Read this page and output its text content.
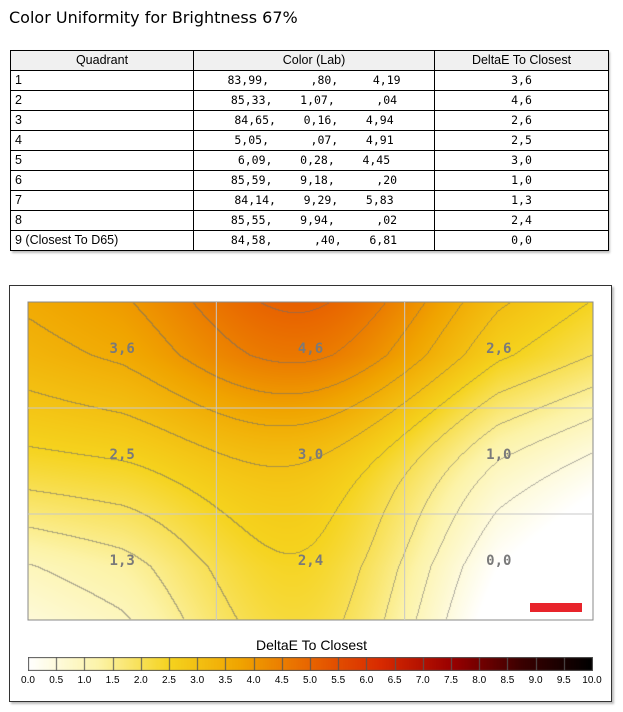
Color Uniformity for Brightness 67%
Quadrant	Color (Lab)	DeltaE To Closest
1	83,99,      ,80,     4,19	3,6
2	85,33,    1,07,      ,04	4,6
3	84,65,    0,16,    4,94	2,6
4	5,05,      ,07,    4,91	2,5
5	6,09,    0,28,    4,45	3,0
6	85,59,    9,18,      ,20	1,0
7	84,14,    9,29,    5,83	1,3
8	85,55,    9,94,      ,02	2,4
9 (Closest To D65)	84,58,      ,40,    6,81	0,0
3,6	4,6	2,6
2,5	3,0	1,0
1,3	2,4	0,0
DeltaE To Closest
0.0 0.5 1.0 1.5 2.0 2.5 3.0 3.5 4.0 4.5 5.0 5.5 6.0 6.5 7.0 7.5 8.0 8.5 9.0 9.5 10.0
